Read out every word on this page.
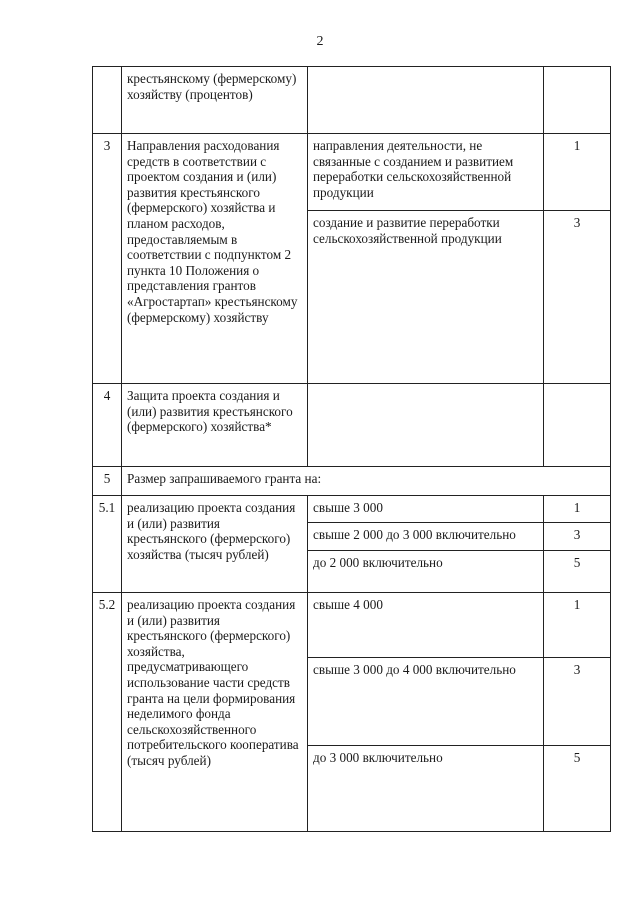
2
	крестьянскому (фермерскому) хозяйству (процентов)		
3	Направления расходования средств в соответствии с проектом создания и (или) развития крестьянского (фермерского) хозяйства и планом расходов, предоставляемым в соответствии с подпунктом 2 пункта 10 Положения о представления грантов «Агростартап» крестьянскому (фермерскому) хозяйству	направления деятельности, не связанные с созданием и развитием переработки сельскохозяйственной продукции	1
		создание и развитие переработки сельскохозяйственной продукции	3
4	Защита проекта создания и (или) развития крестьянского (фермерского) хозяйства*		
5	Размер запрашиваемого гранта на:		
5.1	реализацию проекта создания и (или) развития крестьянского (фермерского) хозяйства (тысяч рублей)	свыше 3 000	1
		свыше 2 000 до 3 000 включительно	3
		до 2 000 включительно	5
5.2	реализацию проекта создания и (или) развития крестьянского (фермерского) хозяйства, предусматривающего использование части средств гранта на цели формирования неделимого фонда сельскохозяйственного потребительского кооператива (тысяч рублей)	свыше 4 000	1
		свыше 3 000 до 4 000 включительно	3
		до 3 000 включительно	5
